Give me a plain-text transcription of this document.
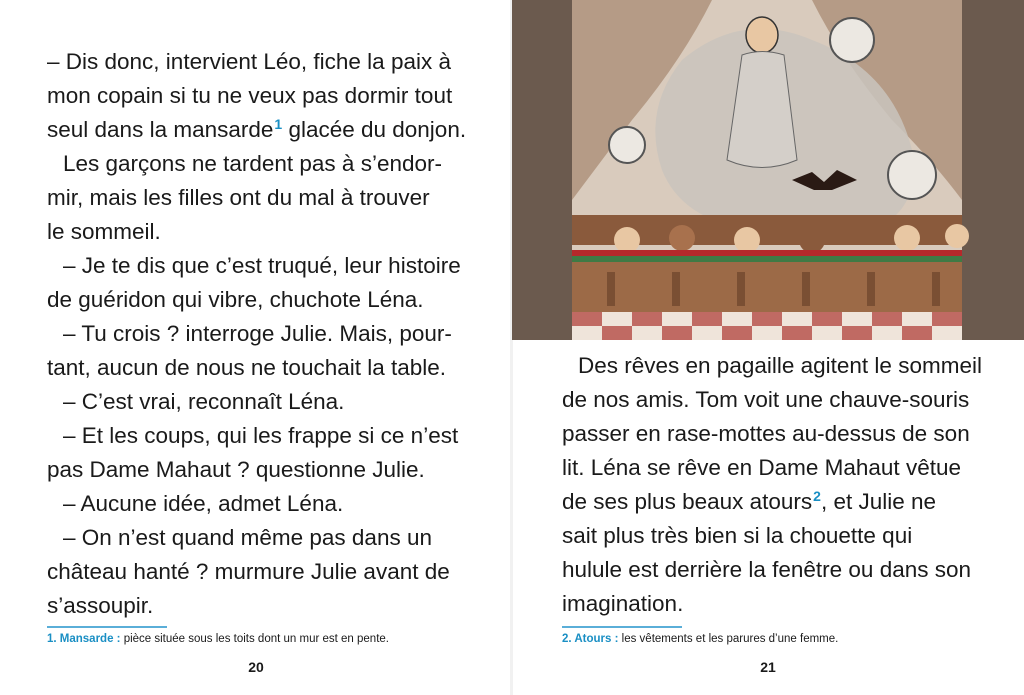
– Dis donc, intervient Léo, fiche la paix à

mon copain si tu ne veux pas dormir tout

seul dans la mansarde$^1$ glacée du donjon.

Les garçons ne tardent pas à s’endor-

mir, mais les filles ont du mal à trouver

le sommeil.

– Je te dis que c’est truqué, leur histoire

de guéridon qui vibre, chuchote Léna.

– Tu crois ? interroge Julie. Mais, pour-

tant, aucun de nous ne touchait la table.

– C’est vrai, reconnaît Léna.

– Et les coups, qui les frappe si ce n’est

pas Dame Mahaut ? questionne Julie.

– Aucune idée, admet Léna.

– On n’est quand même pas dans un

château hanté ? murmure Julie avant de

s’assoupir.

1. Mansarde : pièce située sous les toits dont un mur est en pente.
20

Des rêves en pagaille agitent le sommeil

de nos amis. Tom voit une chauve-souris

passer en rase-mottes au-dessus de son

lit. Léna se rêve en Dame Mahaut vêtue

de ses plus beaux atours$^2$, et Julie ne

sait plus très bien si la chouette qui

hulule est derrière la fenêtre ou dans son

imagination.

2. Atours : les vêtements et les parures d’une femme.
21
